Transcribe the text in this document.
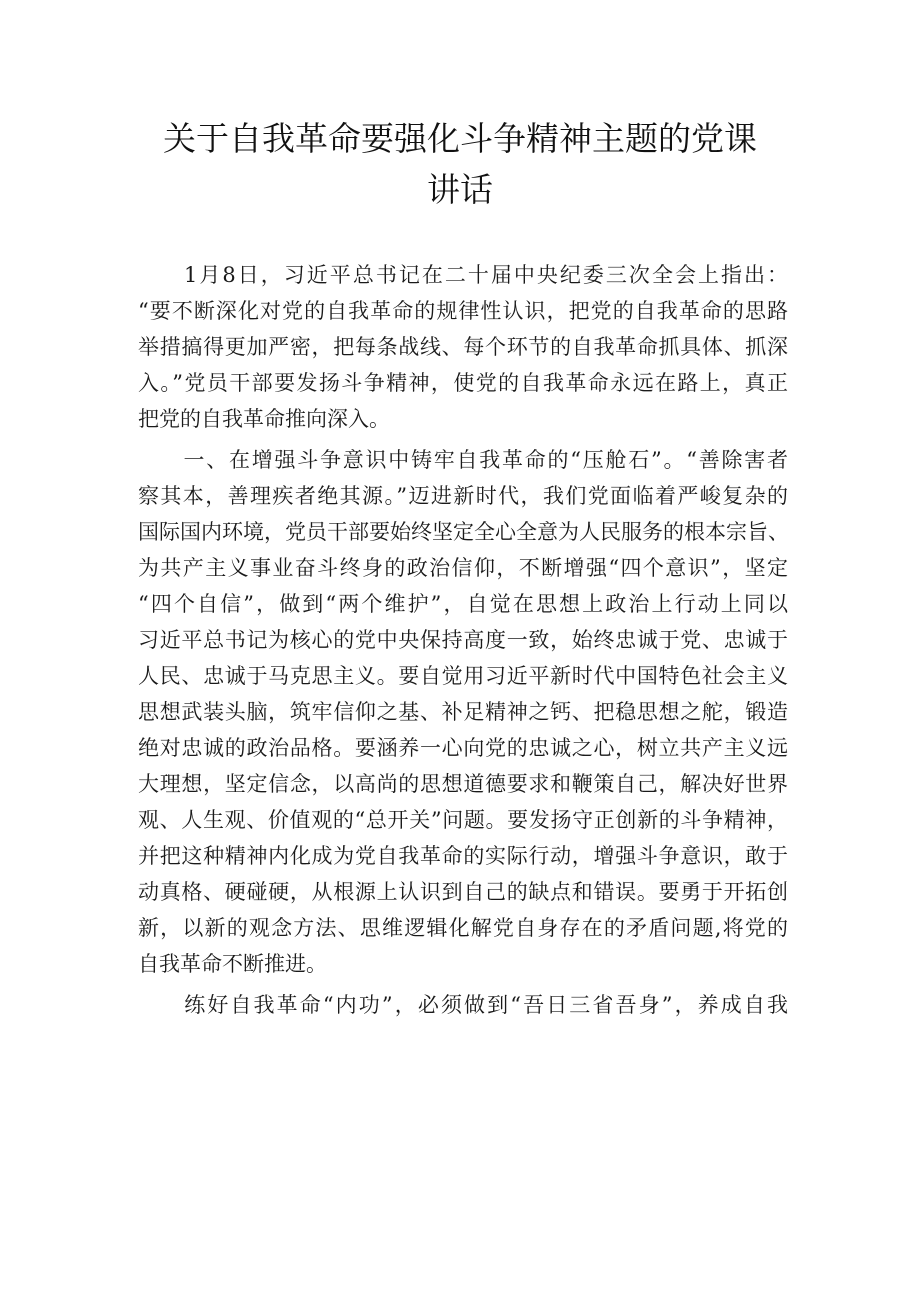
关于自我革命要强化斗争精神主题的党课
讲话
　　1月8日，习近平总书记在二十届中央纪委三次全会上指出：
“要不断深化对党的自我革命的规律性认识，把党的自我革命的思路
举措搞得更加严密，把每条战线、每个环节的自我革命抓具体、抓深
入。”党员干部要发扬斗争精神，使党的自我革命永远在路上，真正
把党的自我革命推向深入。
　　一、在增强斗争意识中铸牢自我革命的“压舱石”。“善除害者
察其本，善理疾者绝其源。”迈进新时代，我们党面临着严峻复杂的
国际国内环境，党员干部要始终坚定全心全意为人民服务的根本宗旨、
为共产主义事业奋斗终身的政治信仰，不断增强“四个意识”，坚定
“四个自信”，做到“两个维护”，自觉在思想上政治上行动上同以
习近平总书记为核心的党中央保持高度一致，始终忠诚于党、忠诚于
人民、忠诚于马克思主义。要自觉用习近平新时代中国特色社会主义
思想武装头脑，筑牢信仰之基、补足精神之钙、把稳思想之舵，锻造
绝对忠诚的政治品格。要涵养一心向党的忠诚之心，树立共产主义远
大理想，坚定信念，以高尚的思想道德要求和鞭策自己，解决好世界
观、人生观、价值观的“总开关”问题。要发扬守正创新的斗争精神，
并把这种精神内化成为党自我革命的实际行动，增强斗争意识，敢于
动真格、硬碰硬，从根源上认识到自己的缺点和错误。要勇于开拓创
新，以新的观念方法、思维逻辑化解党自身存在的矛盾问题,将党的
自我革命不断推进。
　　练好自我革命“内功”，必须做到“吾日三省吾身”，养成自我
